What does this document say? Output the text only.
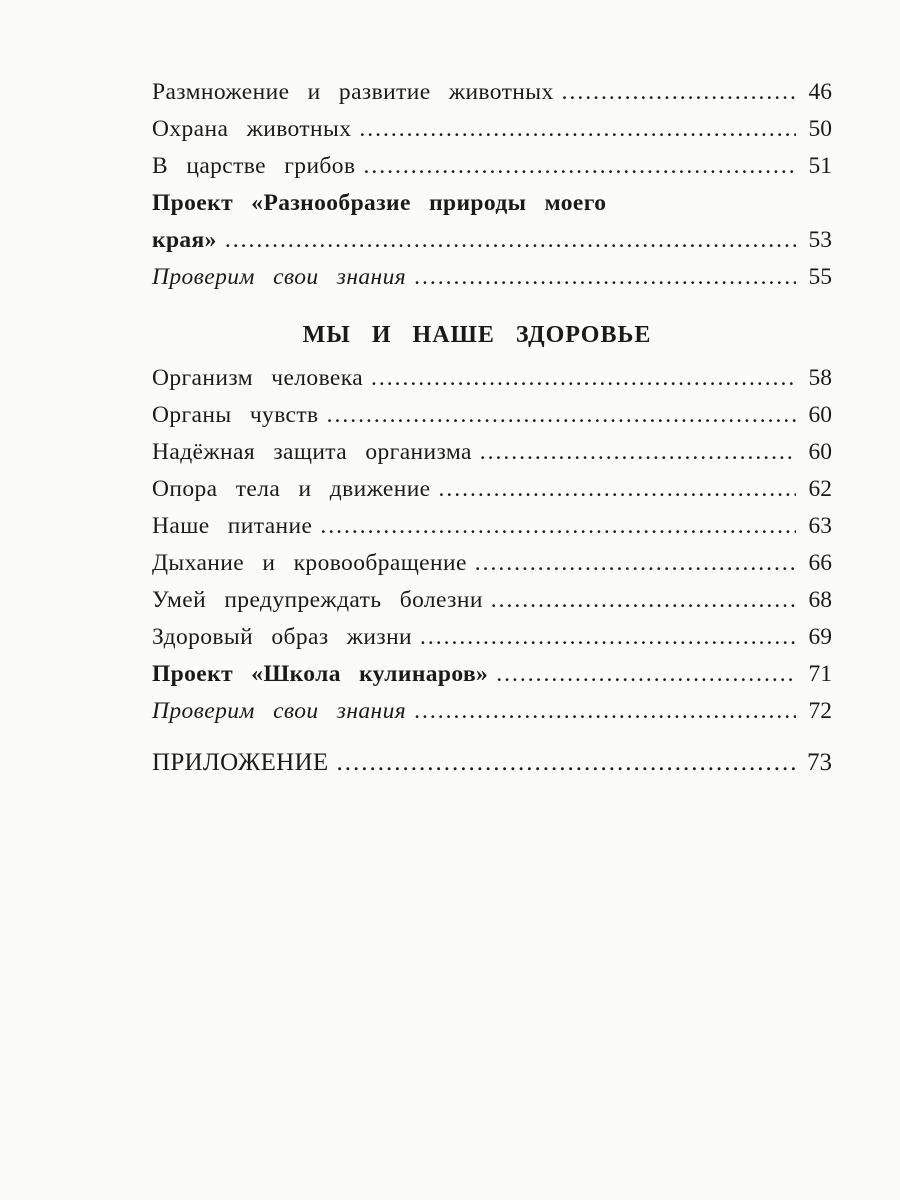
Размножение и развитие животных .....	46
Охрана животных .....	50
В царстве грибов .....	51
Проект «Разнообразие природы моего
края» .....	53
Проверим свои знания .....	55
МЫ И НАШЕ ЗДОРОВЬЕ
Организм человека .....	58
Органы чувств .....	60
Надёжная защита организма .....	60
Опора тела и движение .....	62
Наше питание .....	63
Дыхание и кровообращение .....	66
Умей предупреждать болезни .....	68
Здоровый образ жизни .....	69
Проект «Школа кулинаров» .....	71
Проверим свои знания .....	72
ПРИЛОЖЕНИЕ .....	73
